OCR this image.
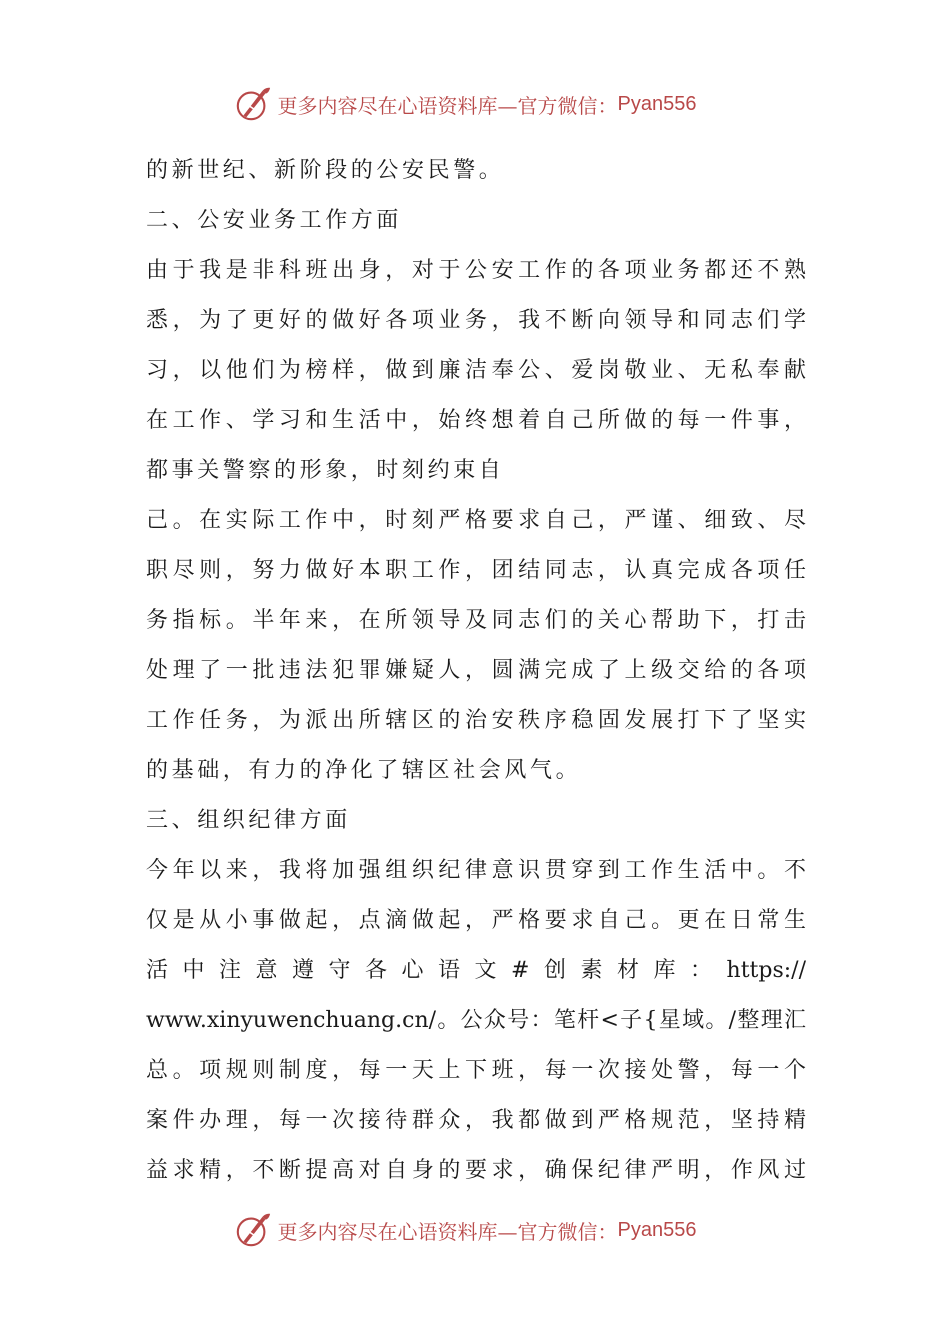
更多内容尽在心语资料库—官方微信： Pyan556
的新世纪、新阶段的公安民警。
二、公安业务工作方面
由于我是非科班出身，对于公安工作的各项业务都还不熟
悉，为了更好的做好各项业务，我不断向领导和同志们学
习，以他们为榜样，做到廉洁奉公、爱岗敬业、无私奉献
在工作、学习和生活中，始终想着自己所做的每一件事，
都事关警察的形象，时刻约束自
己。在实际工作中，时刻严格要求自己，严谨、细致、尽
职尽则，努力做好本职工作，团结同志，认真完成各项任
务指标。半年来，在所领导及同志们的关心帮助下，打击
处理了一批违法犯罪嫌疑人，圆满完成了上级交给的各项
工作任务，为派出所辖区的治安秩序稳固发展打下了坚实
的基础，有力的净化了辖区社会风气。
三、组织纪律方面
今年以来，我将加强组织纪律意识贯穿到工作生活中。不
仅是从小事做起，点滴做起，严格要求自己。更在日常生
活中注意遵守各心语文#创素材库：https://
www.xinyuwenchuang.cn/。公众号：笔杆<子{星域。/整理汇
总。项规则制度，每一天上下班，每一次接处警，每一个
案件办理，每一次接待群众，我都做到严格规范，坚持精
益求精，不断提高对自身的要求，确保纪律严明，作风过
更多内容尽在心语资料库—官方微信： Pyan556
